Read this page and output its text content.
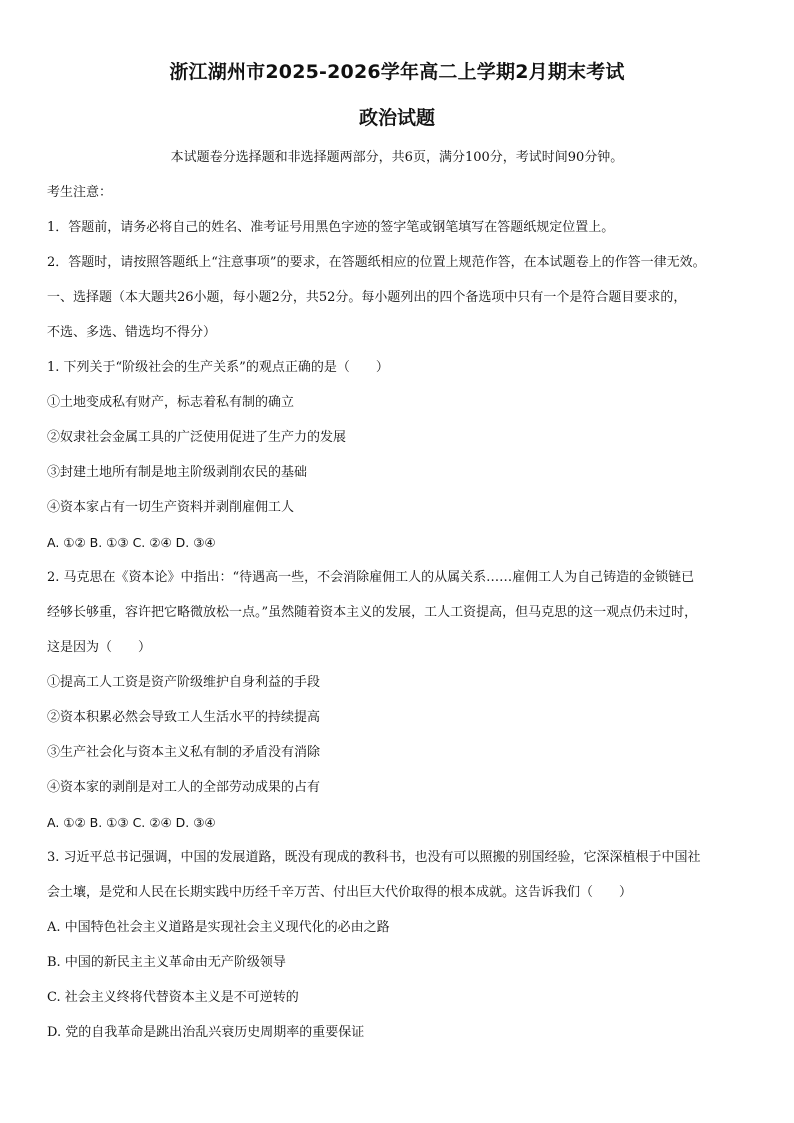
浙江湖州市2025-2026学年高二上学期2月期末考试
政治试题
本试题卷分选择题和非选择题两部分，共6页，满分100分，考试时间90分钟。
考生注意：
1．答题前，请务必将自己的姓名、准考证号用黑色字迹的签字笔或钢笔填写在答题纸规定位置上。
2．答题时，请按照答题纸上“注意事项”的要求，在答题纸相应的位置上规范作答，在本试题卷上的作答一律无效。
一、选择题（本大题共26小题，每小题2分，共52分。每小题列出的四个备选项中只有一个是符合题目要求的，
不选、多选、错选均不得分）
1. 下列关于“阶级社会的生产关系”的观点正确的是（　　）
①土地变成私有财产，标志着私有制的确立
②奴隶社会金属工具的广泛使用促进了生产力的发展
③封建土地所有制是地主阶级剥削农民的基础
④资本家占有一切生产资料并剥削雇佣工人
A. ①② B. ①③ C. ②④ D. ③④
2. 马克思在《资本论》中指出：“待遇高一些，不会消除雇佣工人的从属关系……雇佣工人为自己铸造的金锁链已
经够长够重，容许把它略微放松一点。”虽然随着资本主义的发展，工人工资提高，但马克思的这一观点仍未过时，
这是因为（　　）
①提高工人工资是资产阶级维护自身利益的手段
②资本积累必然会导致工人生活水平的持续提高
③生产社会化与资本主义私有制的矛盾没有消除
④资本家的剥削是对工人的全部劳动成果的占有
A. ①② B. ①③ C. ②④ D. ③④
3. 习近平总书记强调，中国的发展道路，既没有现成的教科书，也没有可以照搬的别国经验，它深深植根于中国社
会土壤，是党和人民在长期实践中历经千辛万苦、付出巨大代价取得的根本成就。这告诉我们（　　）
A. 中国特色社会主义道路是实现社会主义现代化的必由之路
B. 中国的新民主主义革命由无产阶级领导
C. 社会主义终将代替资本主义是不可逆转的
D. 党的自我革命是跳出治乱兴衰历史周期率的重要保证
